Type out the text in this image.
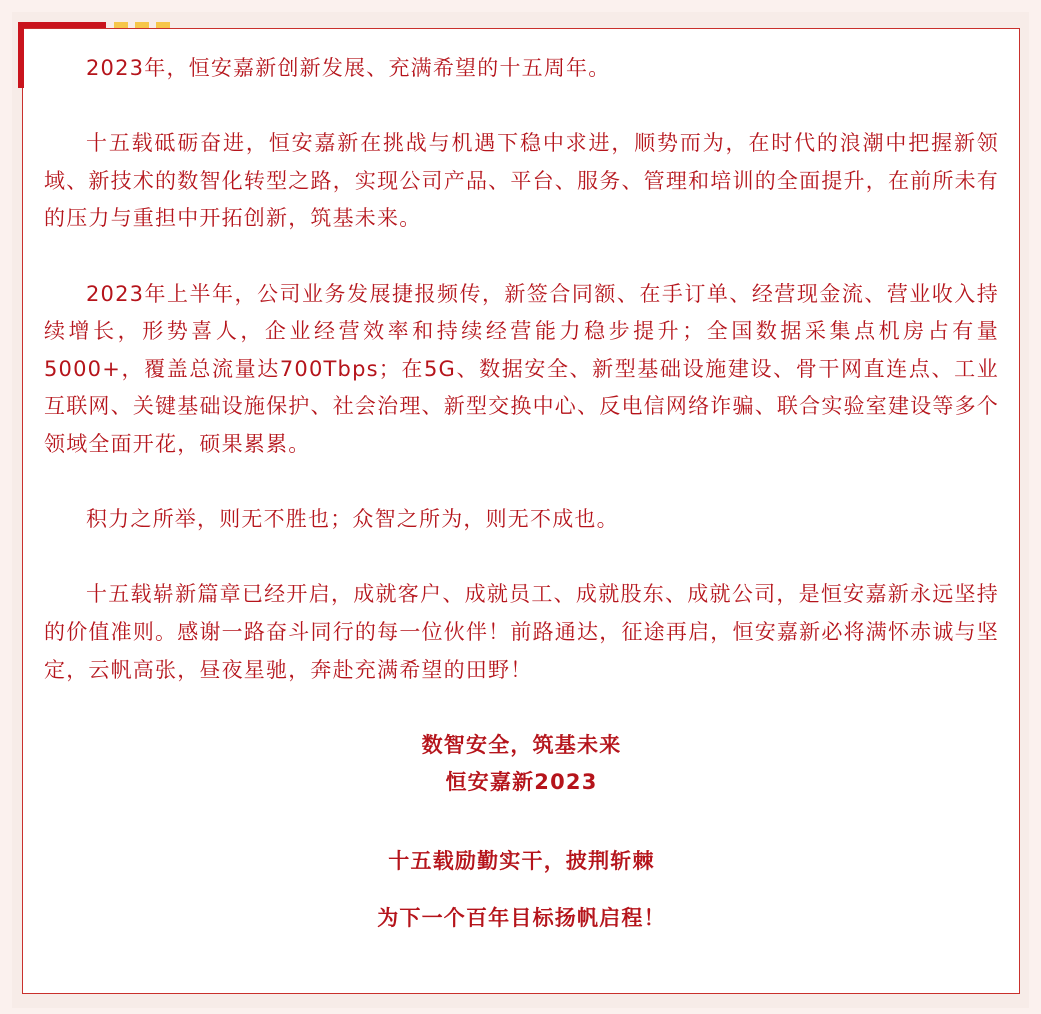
2023年，恒安嘉新创新发展、充满希望的十五周年。

十五载砥砺奋进，恒安嘉新在挑战与机遇下稳中求进，顺势而为，在时代的浪潮中把握新领域、新技术的数智化转型之路，实现公司产品、平台、服务、管理和培训的全面提升，在前所未有的压力与重担中开拓创新，筑基未来。

2023年上半年，公司业务发展捷报频传，新签合同额、在手订单、经营现金流、营业收入持续增长，形势喜人，企业经营效率和持续经营能力稳步提升；全国数据采集点机房占有量5000+，覆盖总流量达700Tbps；在5G、数据安全、新型基础设施建设、骨干网直连点、工业互联网、关键基础设施保护、社会治理、新型交换中心、反电信网络诈骗、联合实验室建设等多个领域全面开花，硕果累累。

积力之所举，则无不胜也；众智之所为，则无不成也。

十五载崭新篇章已经开启，成就客户、成就员工、成就股东、成就公司，是恒安嘉新永远坚持的价值准则。感谢一路奋斗同行的每一位伙伴！前路通达，征途再启，恒安嘉新必将满怀赤诚与坚定，云帆高张，昼夜星驰，奔赴充满希望的田野！

数智安全，筑基未来

恒安嘉新2023

十五载励勤实干，披荆斩棘

为下一个百年目标扬帆启程！
